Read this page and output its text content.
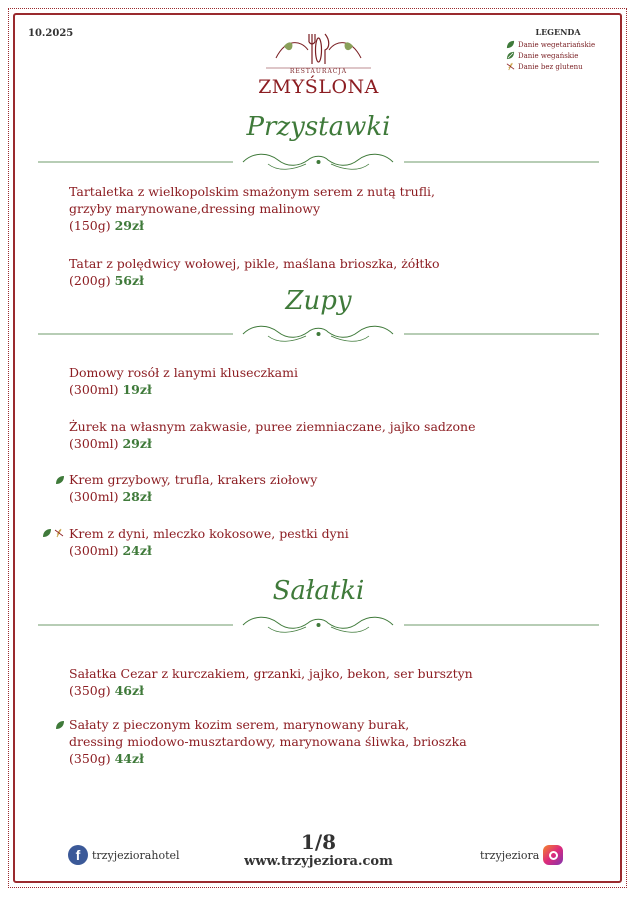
10.2025	LEGENDA
Danie wegetariańskie
Danie wegańskie
Danie bez glutenu
RESTAURACJA
ZMYŚLONA
Przystawki
Tartaletka z wielkopolskim smażonym serem z nutą trufli,
grzyby marynowane,dressing malinowy
(150g) 29zł
Tatar z polędwicy wołowej, pikle, maślana brioszka, żółtko
(200g) 56zł
Zupy
Domowy rosół z lanymi kluseczkami
(300ml) 19zł
Żurek na własnym zakwasie, puree ziemniaczane, jajko sadzone
(300ml) 29zł
Krem grzybowy, trufla, krakers ziołowy
(300ml) 28zł
Krem z dyni, mleczko kokosowe, pestki dyni
(300ml) 24zł
Sałatki
Sałatka Cezar z kurczakiem, grzanki, jajko, bekon, ser bursztyn
(350g) 46zł
Sałaty z pieczonym kozim serem, marynowany burak,
dressing miodowo-musztardowy, marynowana śliwka, brioszka
(350g) 44zł
f	trzyjeziorahotel
1/8
www.trzyjeziora.com	trzyjeziora
